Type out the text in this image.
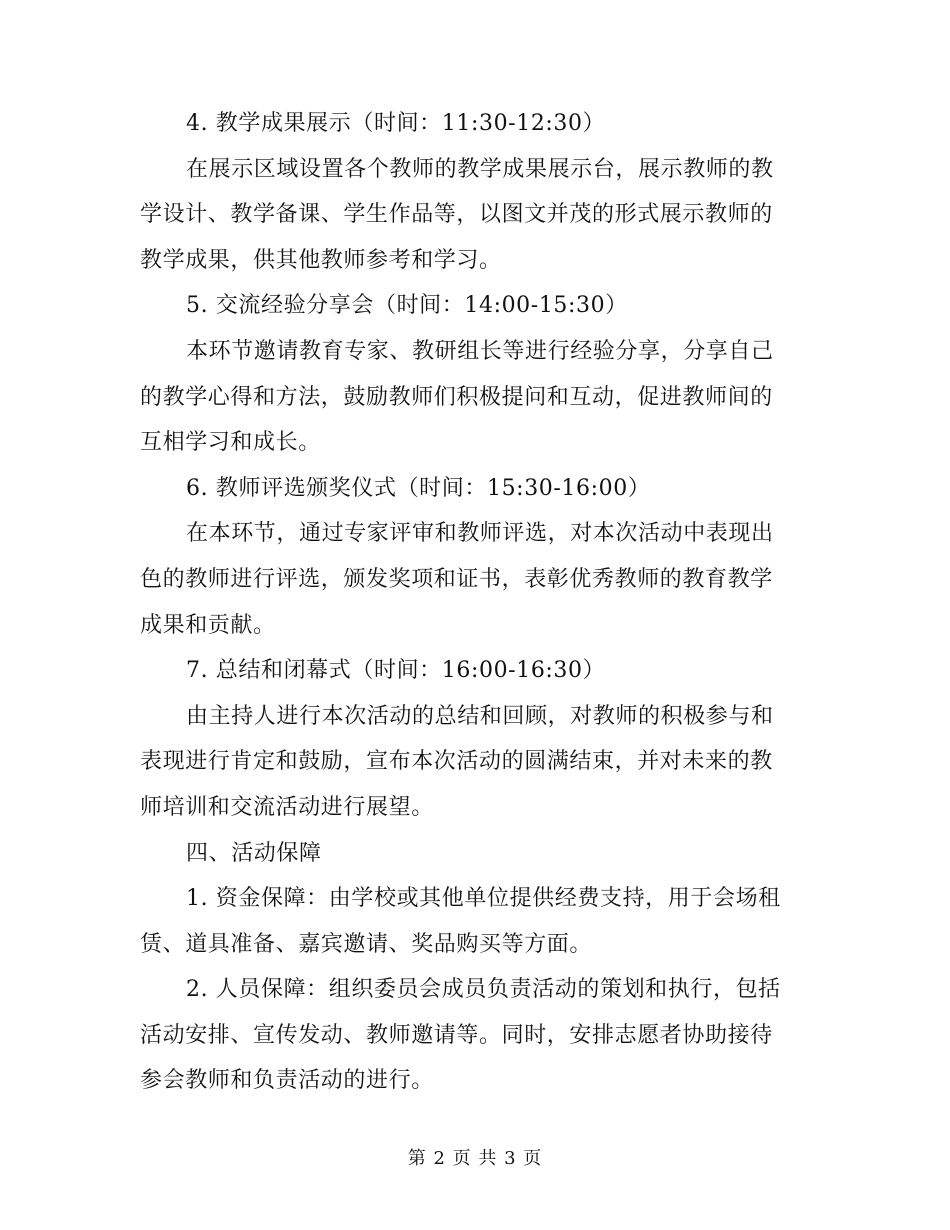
4. 教学成果展示（时间：11:30-12:30）
在展示区域设置各个教师的教学成果展示台，展示教师的教
学设计、教学备课、学生作品等，以图文并茂的形式展示教师的
教学成果，供其他教师参考和学习。
5. 交流经验分享会（时间：14:00-15:30）
本环节邀请教育专家、教研组长等进行经验分享，分享自己
的教学心得和方法，鼓励教师们积极提问和互动，促进教师间的
互相学习和成长。
6. 教师评选颁奖仪式（时间：15:30-16:00）
在本环节，通过专家评审和教师评选，对本次活动中表现出
色的教师进行评选，颁发奖项和证书，表彰优秀教师的教育教学
成果和贡献。
7. 总结和闭幕式（时间：16:00-16:30）
由主持人进行本次活动的总结和回顾，对教师的积极参与和
表现进行肯定和鼓励，宣布本次活动的圆满结束，并对未来的教
师培训和交流活动进行展望。
四、活动保障
1. 资金保障：由学校或其他单位提供经费支持，用于会场租
赁、道具准备、嘉宾邀请、奖品购买等方面。
2. 人员保障：组织委员会成员负责活动的策划和执行，包括
活动安排、宣传发动、教师邀请等。同时，安排志愿者协助接待
参会教师和负责活动的进行。
第 2 页 共 3 页
